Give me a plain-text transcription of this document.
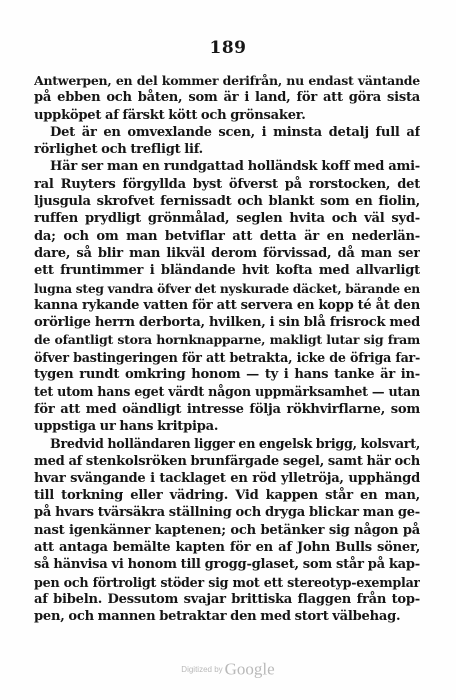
189
Antwerpen, en del kommer derifrån, nu endast väntande
på ebben och båten, som är i land, för att göra sista
uppköpet af färskt kött och grönsaker.
Det är en omvexlande scen, i minsta detalj full af
rörlighet och trefligt lif.
Här ser man en rundgattad holländsk koff med ami-
ral Ruyters förgyllda byst öfverst på rorstocken, det
ljusgula skrofvet fernissadt och blankt som en fiolin,
ruffen prydligt grönmålad, seglen hvita och väl syd-
da; och om man betviflar att detta är en nederlän-
dare, så blir man likväl derom förvissad, då man ser
ett fruntimmer i bländande hvit kofta med allvarligt
lugna steg vandra öfver det nyskurade däcket, bärande en
kanna rykande vatten för att servera en kopp té åt den
orörlige herrn derborta, hvilken, i sin blå frisrock med
de ofantligt stora hornknapparne, makligt lutar sig fram
öfver bastingeringen för att betrakta, icke de öfriga far-
tygen rundt omkring honom — ty i hans tanke är in-
tet utom hans eget värdt någon uppmärksamhet — utan
för att med oändligt intresse följa rökhvirflarne, som
uppstiga ur hans kritpipa.
Bredvid holländaren ligger en engelsk brigg, kolsvart,
med af stenkolsröken brunfärgade segel, samt här och
hvar svängande i tacklaget en röd ylletröja, upphängd
till torkning eller vädring. Vid kappen står en man,
på hvars tvärsäkra ställning och dryga blickar man ge-
nast igenkänner kaptenen; och betänker sig någon på
att antaga bemälte kapten för en af John Bulls söner,
så hänvisa vi honom till grogg-glaset, som står på kap-
pen och förtroligt stöder sig mot ett stereotyp-exemplar
af bibeln. Dessutom svajar brittiska flaggen från top-
pen, och mannen betraktar den med stort välbehag.
Digitized by Google
